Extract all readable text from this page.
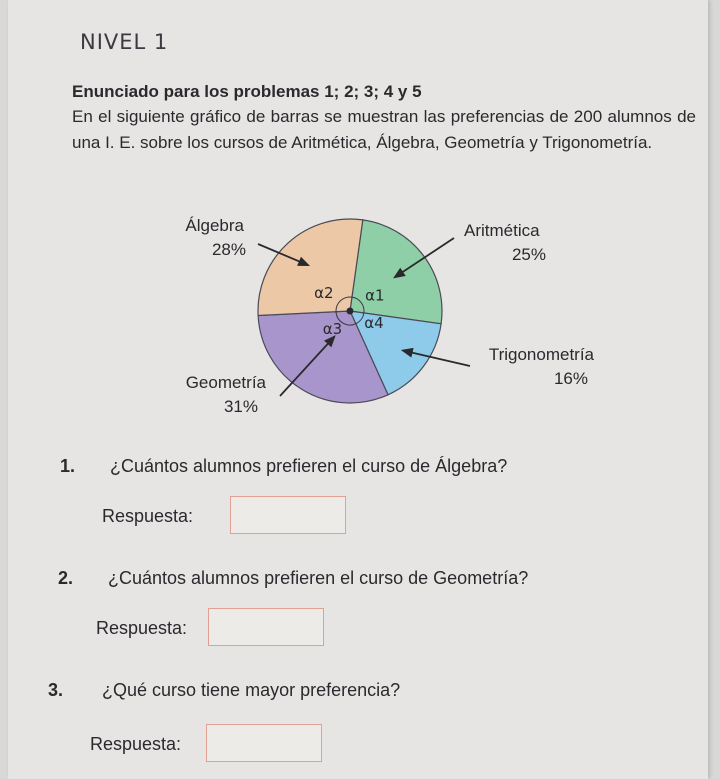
NIVEL 1
Enunciado para los problemas 1; 2; 3; 4 y 5
En el siguiente gráfico de barras se muestran las preferencias de 200 alumnos de una I. E. sobre los cursos de Aritmética, Álgebra, Geometría y Trigonometría.
α1
α4
α3
α2
Aritmética
25%
Trigonometría
16%
Geometría
31%
Álgebra
28%
1. ¿Cuántos alumnos prefieren el curso de Álgebra?
Respuesta:
2. ¿Cuántos alumnos prefieren el curso de Geometría?
Respuesta:
3. ¿Qué curso tiene mayor preferencia?
Respuesta:
